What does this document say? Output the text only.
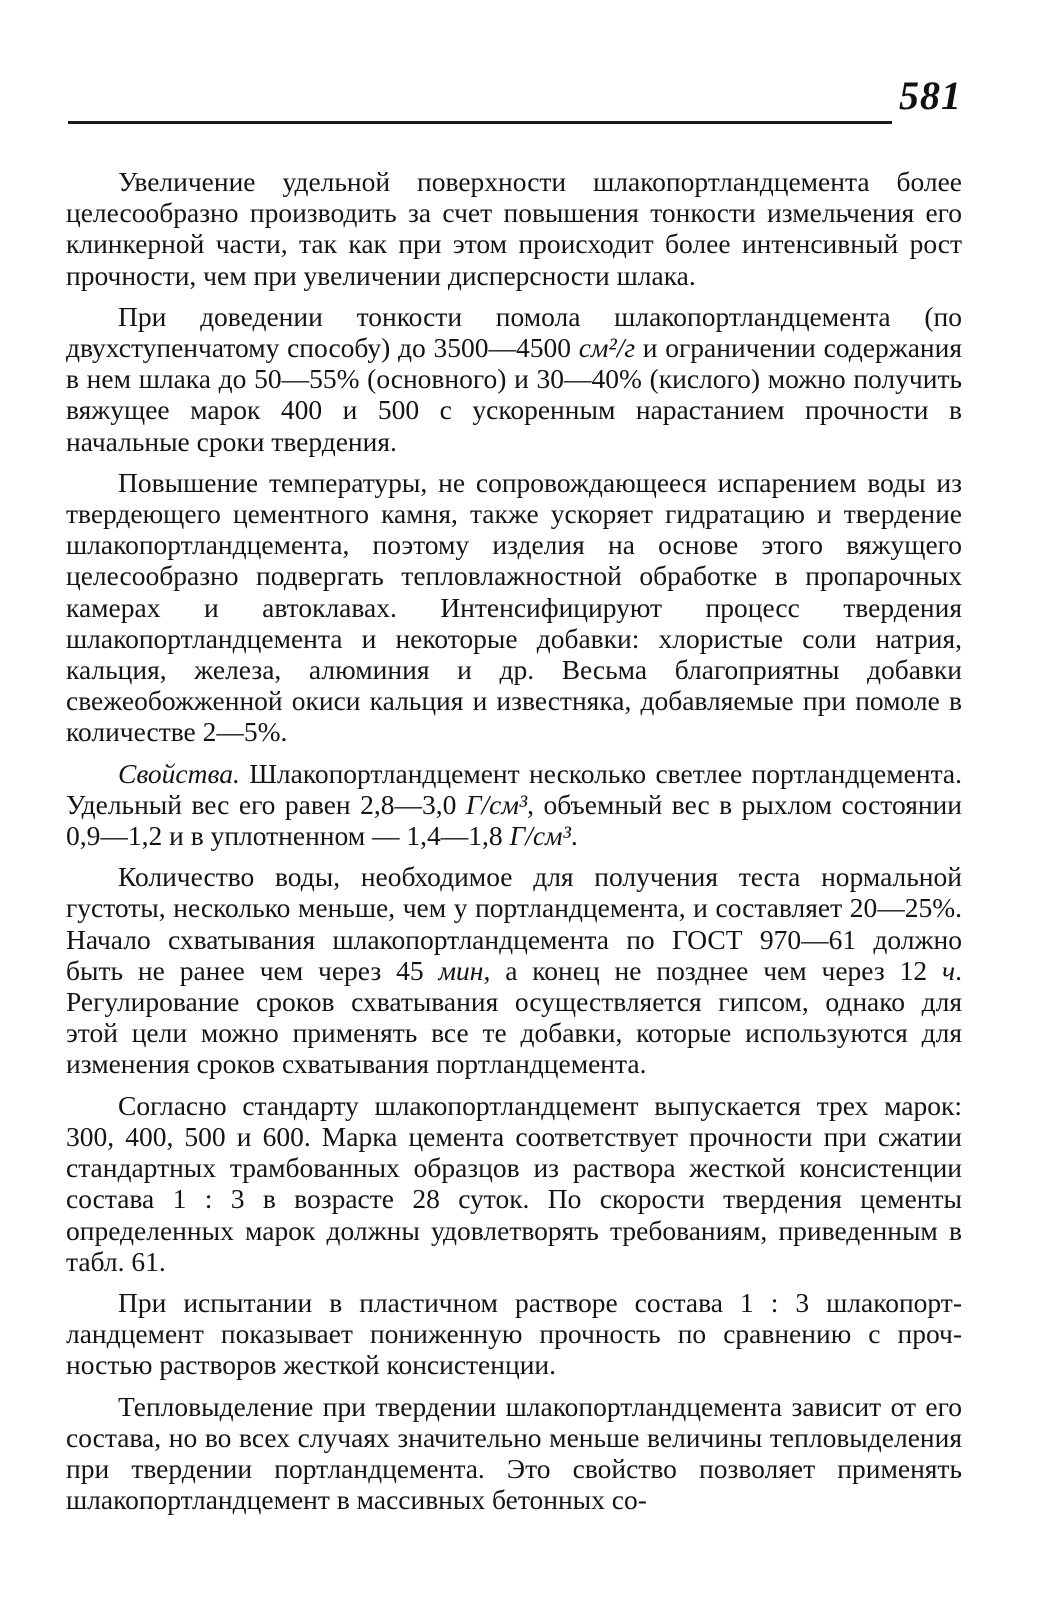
581

Увеличение удельной поверхности шлакопортландцемента более целесообразно производить за счет повышения тонкости измельчения его клинкерной части, так как при этом происходит более интенсивный рост прочности, чем при увеличении дисперсности шлака.

При доведении тонкости помола шлакопортландцемента (по двухступенчатому способу) до 3500—4500 см²/г и ограничении содержания в нем шлака до 50—55% (основного) и 30—40% (кислого) можно получить вяжущее марок 400 и 500 с ускоренным нарастанием прочности в начальные сроки твердения.

Повышение температуры, не сопровождающееся испарением воды из твердеющего цементного камня, также ускоряет гидратацию и твердение шлакопортландцемента, поэтому изделия на основе этого вяжущего целесообразно подвергать тепловлажностной обработке в пропарочных камерах и автоклавах. Интенсифицируют процесс твердения шлакопортландцемента и некоторые добавки: хлористые соли натрия, кальция, железа, алюминия и др. Весьма благоприятны добавки свежеобожженной окиси кальция и известняка, добавляемые при помоле в количестве 2—5%.

Свойства. Шлакопортландцемент несколько светлее портландцемента. Удельный вес его равен 2,8—3,0 Г/см³, объемный вес в рыхлом состоянии 0,9—1,2 и в уплотненном — 1,4—1,8 Г/см³.

Количество воды, необходимое для получения теста нормальной густоты, несколько меньше, чем у портландцемента, и составляет 20—25%. Начало схватывания шлакопортландцемента по ГОСТ 970—61 должно быть не ранее чем через 45 мин, а конец не позднее чем через 12 ч. Регулирование сроков схватывания осуществляется гипсом, однако для этой цели можно применять все те добавки, которые используются для изменения сроков схватывания портландцемента.

Согласно стандарту шлакопортландцемент выпускается трех марок: 300, 400, 500 и 600. Марка цемента соответствует прочности при сжатии стандартных трамбованных образцов из раствора жесткой консистенции состава 1 : 3 в возрасте 28 суток. По скорости твердения цементы определенных марок должны удовлетворять требованиям, приведенным в табл. 61.

При испытании в пластичном растворе состава 1 : 3 шлакопортландцемент показывает пониженную прочность по сравнению с прочностью растворов жесткой консистенции.

Тепловыделение при твердении шлакопортландцемента зависит от его состава, но во всех случаях значительно меньше величины тепловыделения при твердении портландцемента. Это свойство позволяет применять шлакопортландцемент в массивных бетонных со-
